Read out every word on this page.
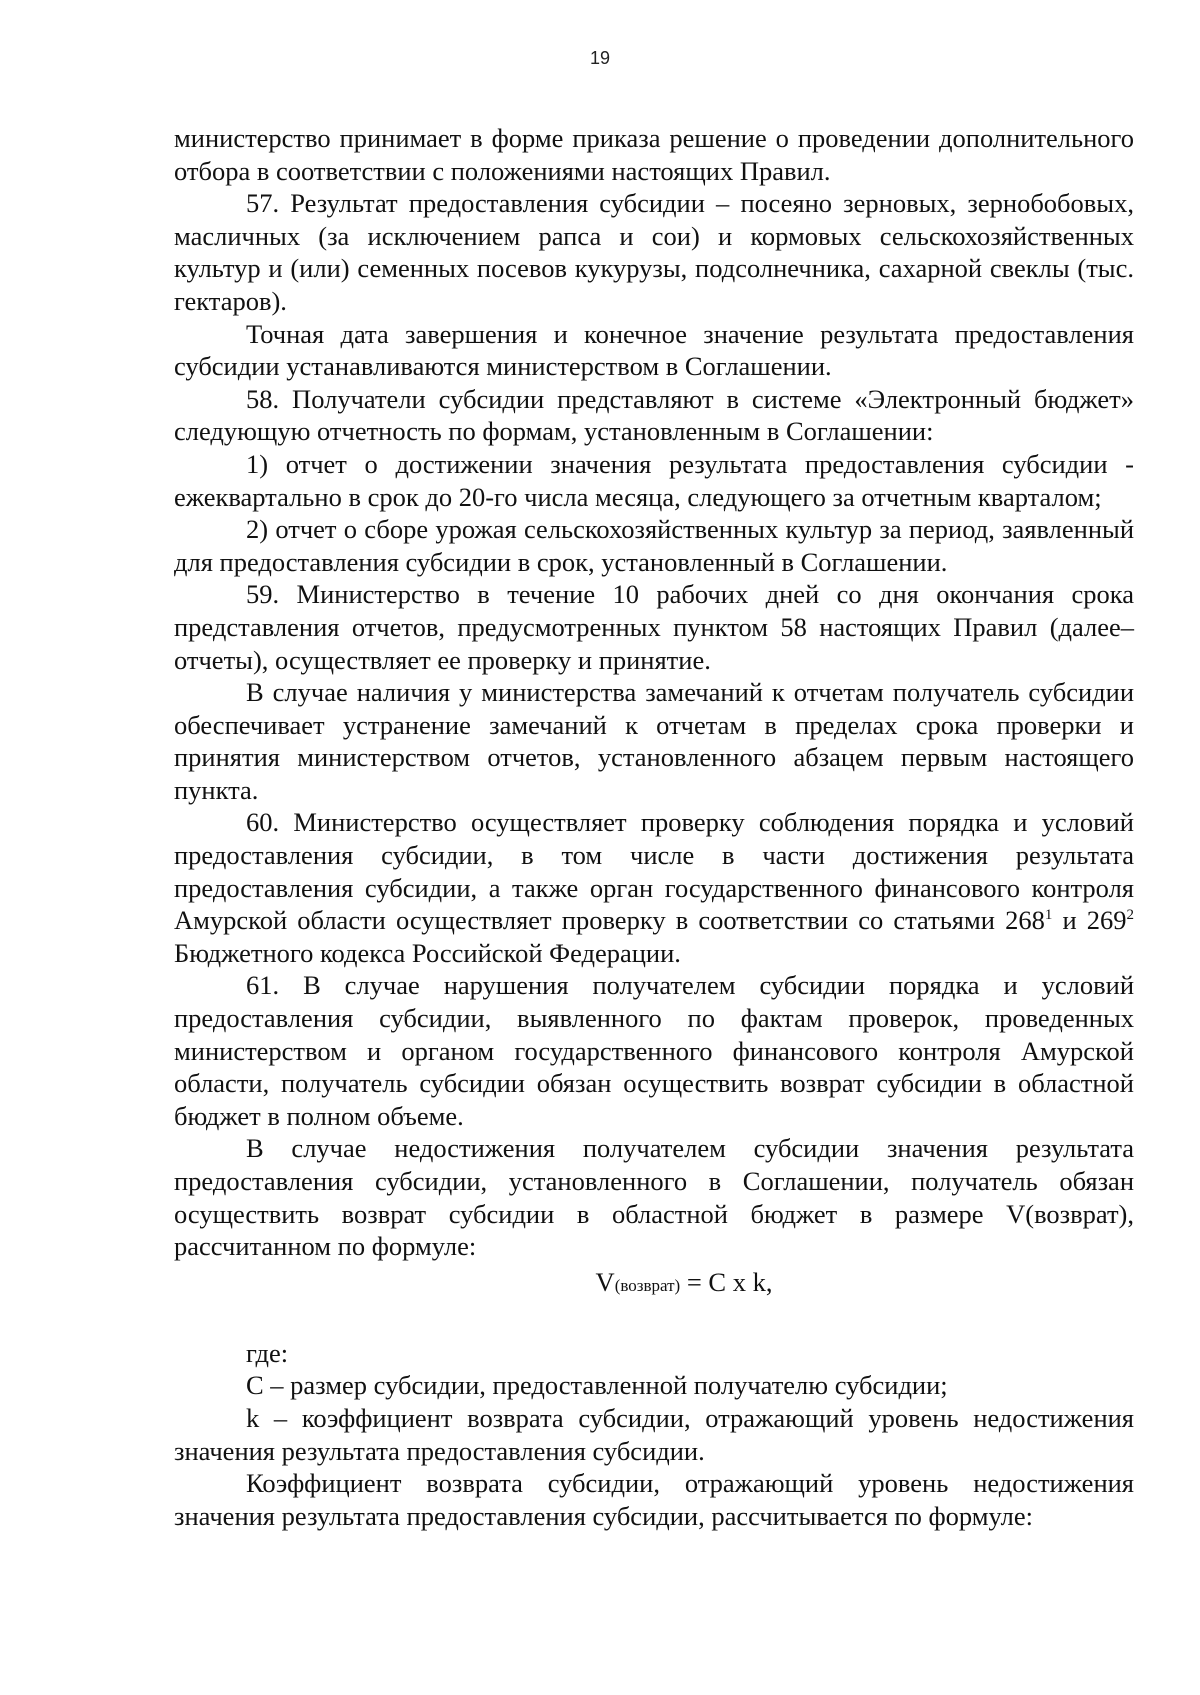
19

министерство принимает в форме приказа решение о проведении дополнительного отбора в соответствии с положениями настоящих Правил.

57. Результат предоставления субсидии – посеяно зерновых, зернобобовых, масличных (за исключением рапса и сои) и кормовых сельскохозяйственных культур и (или) семенных посевов кукурузы, подсолнечника, сахарной свеклы (тыс. гектаров).

Точная дата завершения и конечное значение результата предоставления субсидии устанавливаются министерством в Соглашении.

58. Получатели субсидии представляют в системе «Электронный бюджет» следующую отчетность по формам, установленным в Соглашении:

1) отчет о достижении значения результата предоставления субсидии - ежеквартально в срок до 20-го числа месяца, следующего за отчетным кварталом;

2) отчет о сборе урожая сельскохозяйственных культур за период, заявленный для предоставления субсидии в срок, установленный в Соглашении.

59. Министерство в течение 10 рабочих дней со дня окончания срока представления отчетов, предусмотренных пунктом 58 настоящих Правил (далее– отчеты), осуществляет ее проверку и принятие.

В случае наличия у министерства замечаний к отчетам получатель субсидии обеспечивает устранение замечаний к отчетам в пределах срока проверки и принятия министерством отчетов, установленного абзацем первым настоящего пункта.

60. Министерство осуществляет проверку соблюдения порядка и условий предоставления субсидии, в том числе в части достижения результата предоставления субсидии, а также орган государственного финансового контроля Амурской области осуществляет проверку в соответствии со статьями $268^1$ и $269^2$ Бюджетного кодекса Российской Федерации.

61. В случае нарушения получателем субсидии порядка и условий предоставления субсидии, выявленного по фактам проверок, проведенных министерством и органом государственного финансового контроля Амурской области, получатель субсидии обязан осуществить возврат субсидии в областной бюджет в полном объеме.

В случае недостижения получателем субсидии значения результата предоставления субсидии, установленного в Соглашении, получатель обязан осуществить возврат субсидии в областной бюджет в размере V(возврат), рассчитанном по формуле:

V(возврат) = C x k,

где:

С – размер субсидии, предоставленной получателю субсидии;

k – коэффициент возврата субсидии, отражающий уровень недостижения значения результата предоставления субсидии.

Коэффициент возврата субсидии, отражающий уровень недостижения значения результата предоставления субсидии, рассчитывается по формуле:
